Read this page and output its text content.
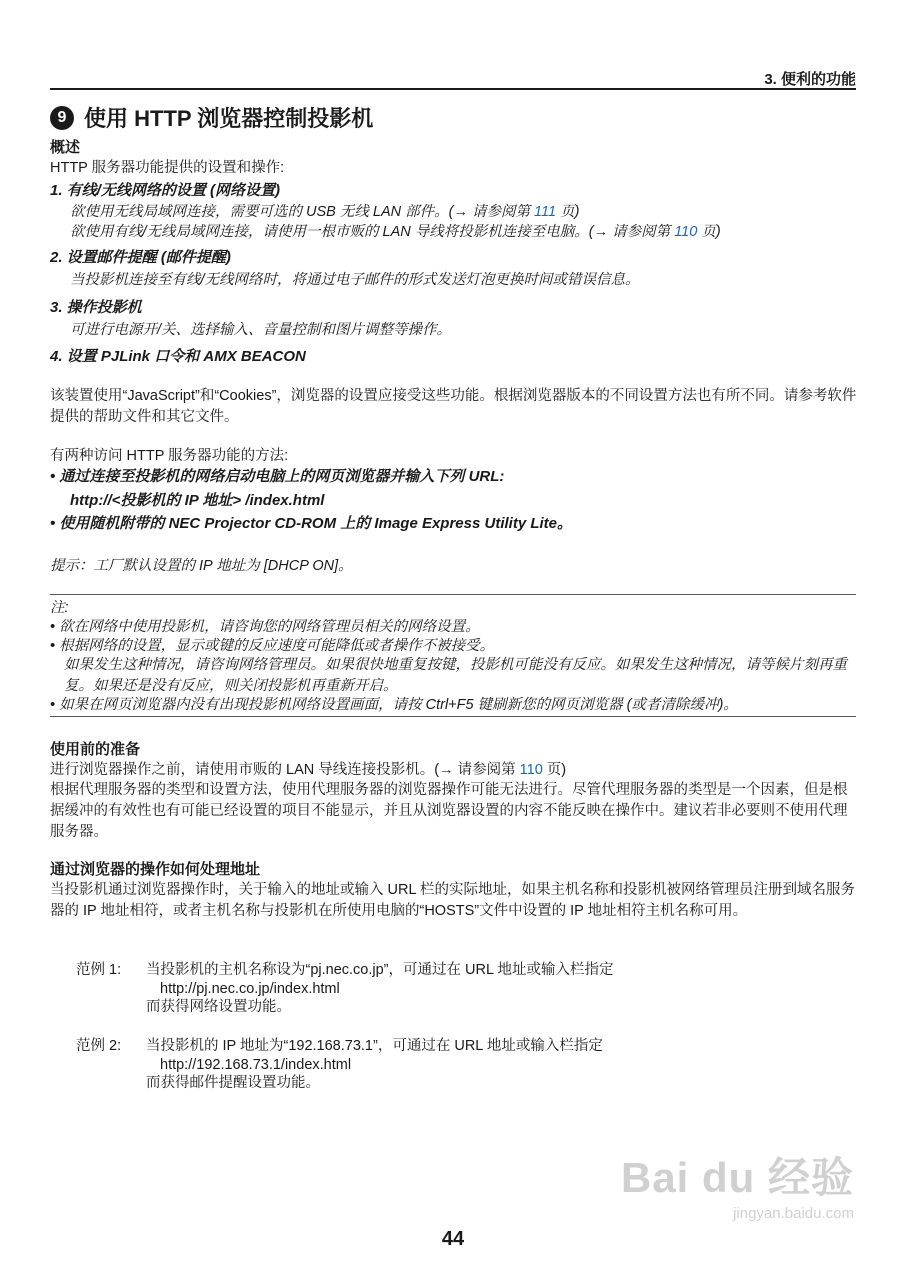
3. 便利的功能
9 使用 HTTP 浏览器控制投影机
概述
HTTP 服务器功能提供的设置和操作:
1. 有线/无线网络的设置 (网络设置)
欲使用无线局域网连接，需要可选的 USB 无线 LAN 部件。(→ 请参阅第 111 页)
欲使用有线/无线局域网连接，请使用一根市贩的 LAN 导线将投影机连接至电脑。(→ 请参阅第 110 页)
2. 设置邮件提醒 (邮件提醒)
当投影机连接至有线/无线网络时，将通过电子邮件的形式发送灯泡更换时间或错误信息。
3. 操作投影机
可进行电源开/关、选择输入、音量控制和图片调整等操作。
4. 设置 PJLink 口令和 AMX BEACON
该装置使用“JavaScript”和“Cookies”，浏览器的设置应接受这些功能。根据浏览器版本的不同设置方法也有所不同。请参考软件提供的帮助文件和其它文件。
有两种访问 HTTP 服务器功能的方法:
• 通过连接至投影机的网络启动电脑上的网页浏览器并输入下列 URL:
http://<投影机的 IP 地址> /index.html
• 使用随机附带的 NEC Projector CD-ROM 上的 Image Express Utility Lite。
提示：工厂默认设置的 IP 地址为 [DHCP ON]。
注:
• 欲在网络中使用投影机，请咨询您的网络管理员相关的网络设置。
• 根据网络的设置，显示或键的反应速度可能降低或者操作不被接受。
如果发生这种情况，请咨询网络管理员。如果很快地重复按键，投影机可能没有反应。如果发生这种情况，请等候片刻再重复。如果还是没有反应，则关闭投影机再重新开启。
• 如果在网页浏览器内没有出现投影机网络设置画面，请按 Ctrl+F5 键刷新您的网页浏览器 (或者清除缓冲)。
使用前的准备
进行浏览器操作之前，请使用市贩的 LAN 导线连接投影机。(→ 请参阅第 110 页)
根据代理服务器的类型和设置方法，使用代理服务器的浏览器操作可能无法进行。尽管代理服务器的类型是一个因素，但是根据缓冲的有效性也有可能已经设置的项目不能显示，并且从浏览器设置的内容不能反映在操作中。建议若非必要则不使用代理服务器。
通过浏览器的操作如何处理地址
当投影机通过浏览器操作时，关于输入的地址或输入 URL 栏的实际地址，如果主机名称和投影机被网络管理员注册到域名服务器的 IP 地址相符，或者主机名称与投影机在所使用电脑的“HOSTS”文件中设置的 IP 地址相符主机名称可用。
范例 1: 当投影机的主机名称设为“pj.nec.co.jp”，可通过在 URL 地址或输入栏指定
http://pj.nec.co.jp/index.html
而获得网络设置功能。
范例 2: 当投影机的 IP 地址为“192.168.73.1”，可通过在 URL 地址或输入栏指定
http://192.168.73.1/index.html
而获得邮件提醒设置功能。
Bai du 经验
jingyan.baidu.com
44
